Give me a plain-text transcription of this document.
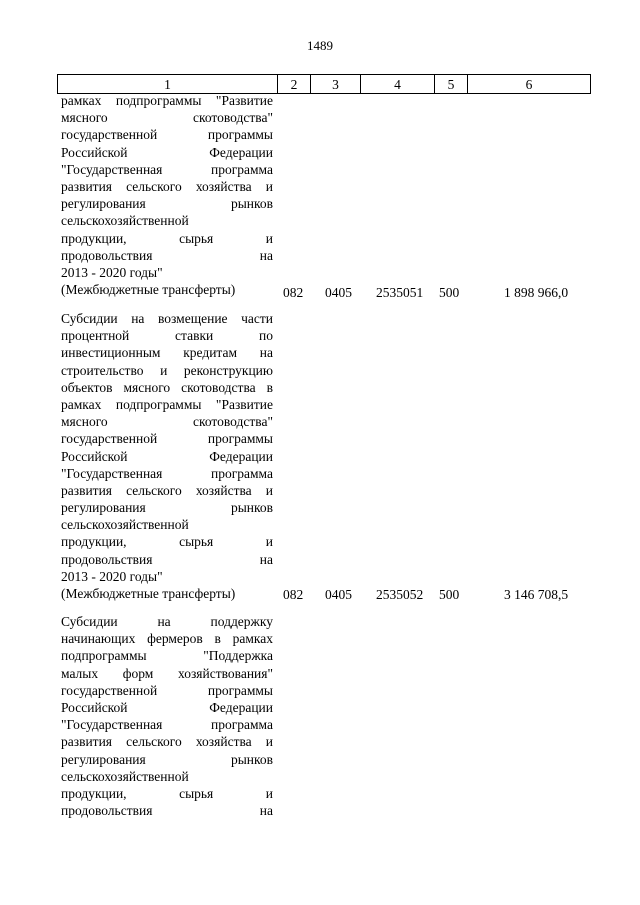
1489
1	2	3	4	5	6
рамках подпрограммы "Развитие
мясного скотоводства"
государственной программы
Российской Федерации
"Государственная программа
развития сельского хозяйства и
регулирования рынков
сельскохозяйственной
продукции, сырья и
продовольствия на
2013 - 2020 годы"
(Межбюджетные трансферты)	082 0405 2535051 500	1 898 966,0
Субсидии на возмещение части
процентной ставки по
инвестиционным кредитам на
строительство и реконструкцию
объектов мясного скотоводства в
рамках подпрограммы "Развитие
мясного скотоводства"
государственной программы
Российской Федерации
"Государственная программа
развития сельского хозяйства и
регулирования рынков
сельскохозяйственной
продукции, сырья и
продовольствия на
2013 - 2020 годы"
(Межбюджетные трансферты)	082 0405 2535052 500	3 146 708,5
Субсидии на поддержку
начинающих фермеров в рамках
подпрограммы "Поддержка
малых форм хозяйствования"
государственной программы
Российской Федерации
"Государственная программа
развития сельского хозяйства и
регулирования рынков
сельскохозяйственной
продукции, сырья и
продовольствия на
